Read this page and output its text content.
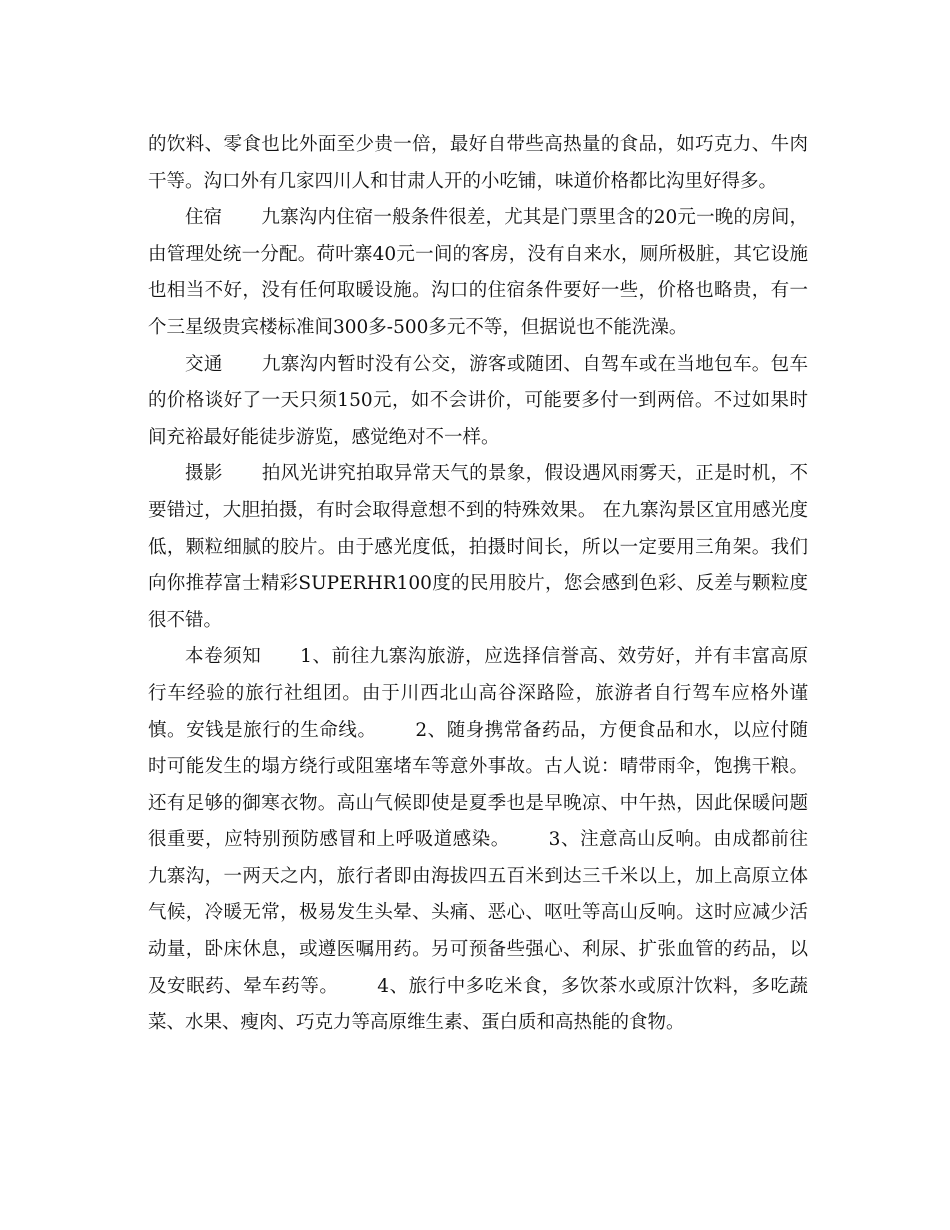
的饮料、零食也比外面至少贵一倍，最好自带些高热量的食品，如巧克力、牛肉干等。沟口外有几家四川人和甘肃人开的小吃铺，味道价格都比沟里好得多。

住宿 九寨沟内住宿一般条件很差，尤其是门票里含的20元一晚的房间，由管理处统一分配。荷叶寨40元一间的客房，没有自来水，厕所极脏，其它设施也相当不好，没有任何取暖设施。沟口的住宿条件要好一些，价格也略贵，有一个三星级贵宾楼标准间300多-500多元不等，但据说也不能洗澡。

交通 九寨沟内暂时没有公交，游客或随团、自驾车或在当地包车。包车的价格谈好了一天只须150元，如不会讲价，可能要多付一到两倍。不过如果时间充裕最好能徒步游览，感觉绝对不一样。

摄影 拍风光讲究拍取异常天气的景象，假设遇风雨雾天，正是时机，不要错过，大胆拍摄，有时会取得意想不到的特殊效果。 在九寨沟景区宜用感光度低，颗粒细腻的胶片。由于感光度低，拍摄时间长，所以一定要用三角架。我们向你推荐富士精彩SUPERHR100度的民用胶片，您会感到色彩、反差与颗粒度很不错。

本卷须知 1、前往九寨沟旅游，应选择信誉高、效劳好，并有丰富高原行车经验的旅行社组团。由于川西北山高谷深路险，旅游者自行驾车应格外谨慎。安钱是旅行的生命线。 2、随身携常备药品，方便食品和水，以应付随时可能发生的塌方绕行或阻塞堵车等意外事故。古人说：晴带雨伞，饱携干粮。还有足够的御寒衣物。高山气候即使是夏季也是早晚凉、中午热，因此保暖问题很重要，应特别预防感冒和上呼吸道感染。 3、注意高山反响。由成都前往九寨沟，一两天之内，旅行者即由海拔四五百米到达三千米以上，加上高原立体气候，冷暖无常，极易发生头晕、头痛、恶心、呕吐等高山反响。这时应减少活动量，卧床休息，或遵医嘱用药。另可预备些强心、利尿、扩张血管的药品，以及安眠药、晕车药等。 4、旅行中多吃米食，多饮茶水或原汁饮料，多吃蔬菜、水果、瘦肉、巧克力等高原维生素、蛋白质和高热能的食物。
